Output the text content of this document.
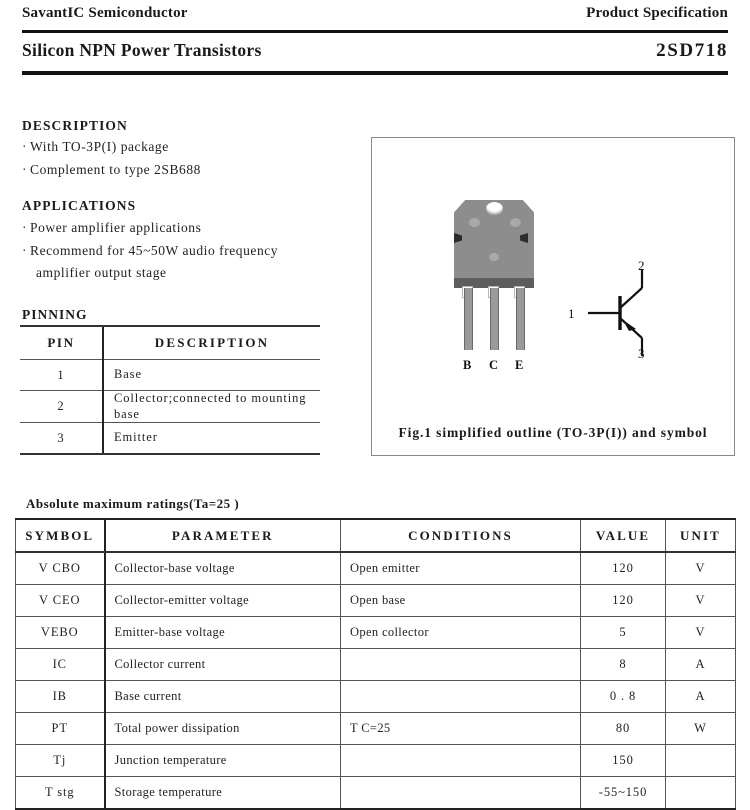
SavantIC Semiconductor	Product Specification
Silicon NPN Power Transistors	2SD718
DESCRIPTION
· With TO-3P(I) package
· Complement to type 2SB688
APPLICATIONS
· Power amplifier applications
· Recommend for 45~50W audio frequency
amplifier output stage
PINNING
PIN	DESCRIPTION
1	Base
2	Collector;connected to mounting base
3	Emitter
B C E
1
2
3
Fig.1 simplified outline (TO-3P(I)) and symbol
Absolute maximum ratings(Ta=25 )
SYMBOL	PARAMETER	CONDITIONS	VALUE	UNIT
V CBO	Collector-base voltage	Open emitter	120	V
V CEO	Collector-emitter voltage	Open base	120	V
VEBO	Emitter-base voltage	Open collector	5	V
IC	Collector current		8	A
IB	Base current		0 . 8	A
PT	Total power dissipation	T C=25	80	W
Tj	Junction temperature		150	
T stg	Storage temperature		-55~150	
